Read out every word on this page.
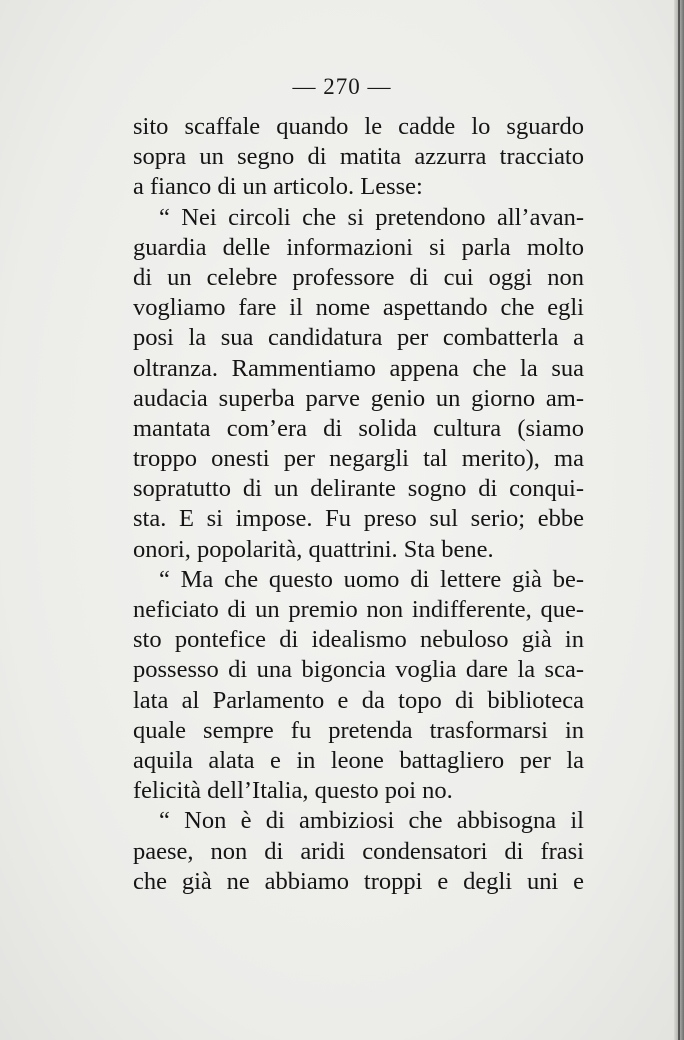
— 270 —
sito scaffale quando le cadde lo sguardo
sopra un segno di matita azzurra tracciato
a fianco di un articolo. Lesse:
“ Nei circoli che si pretendono all’avan-
guardia delle informazioni si parla molto
di un celebre professore di cui oggi non
vogliamo fare il nome aspettando che egli
posi la sua candidatura per combatterla a
oltranza. Rammentiamo appena che la sua
audacia superba parve genio un giorno am-
mantata com’era di solida cultura (siamo
troppo onesti per negargli tal merito), ma
sopratutto di un delirante sogno di conqui-
sta. E si impose. Fu preso sul serio; ebbe
onori, popolarità, quattrini. Sta bene.
“ Ma che questo uomo di lettere già be-
neficiato di un premio non indifferente, que-
sto pontefice di idealismo nebuloso già in
possesso di una bigoncia voglia dare la sca-
lata al Parlamento e da topo di biblioteca
quale sempre fu pretenda trasformarsi in
aquila alata e in leone battagliero per la
felicità dell’Italia, questo poi no.
“ Non è di ambiziosi che abbisogna il
paese, non di aridi condensatori di frasi
che già ne abbiamo troppi e degli uni e
